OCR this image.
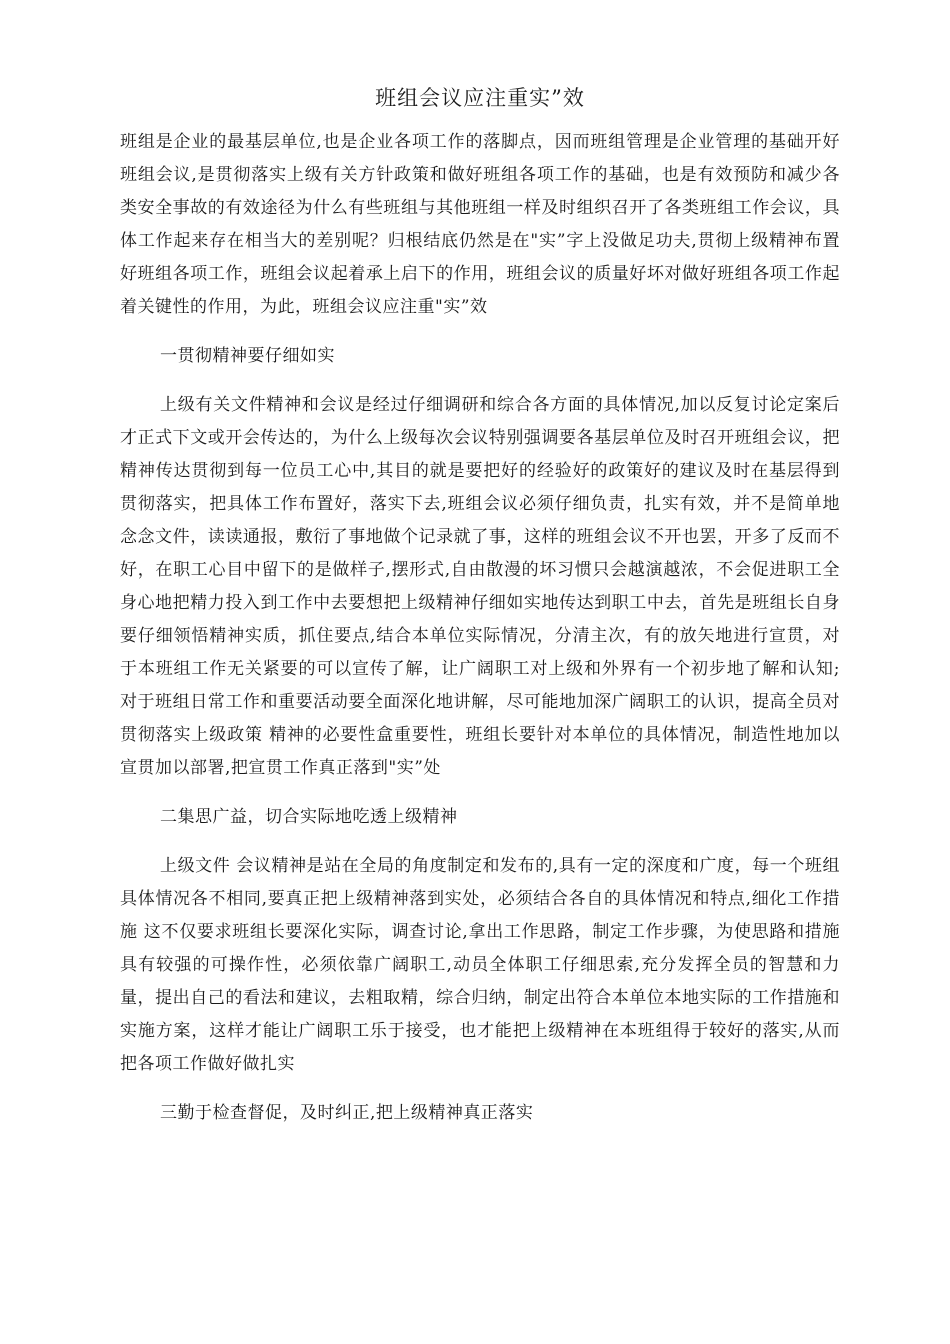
班组会议应注重实”效

班组是企业的最基层单位,也是企业各项工作的落脚点，因而班组管理是企业管理的基础开好班组会议,是贯彻落实上级有关方针政策和做好班组各项工作的基础，也是有效预防和减少各类安全事故的有效途径为什么有些班组与其他班组一样及时组织召开了各类班组工作会议，具体工作起来存在相当大的差别呢？归根结底仍然是在"实”字上没做足功夫,贯彻上级精神布置好班组各项工作，班组会议起着承上启下的作用，班组会议的质量好坏对做好班组各项工作起着关键性的作用，为此，班组会议应注重"实”效

一贯彻精神要仔细如实

上级有关文件精神和会议是经过仔细调研和综合各方面的具体情况,加以反复讨论定案后才正式下文或开会传达的，为什么上级每次会议特别强调要各基层单位及时召开班组会议，把精神传达贯彻到每一位员工心中,其目的就是要把好的经验好的政策好的建议及时在基层得到贯彻落实，把具体工作布置好，落实下去,班组会议必须仔细负责，扎实有效，并不是简单地念念文件，读读通报，敷衍了事地做个记录就了事，这样的班组会议不开也罢，开多了反而不好，在职工心目中留下的是做样子,摆形式,自由散漫的坏习惯只会越演越浓，不会促进职工全身心地把精力投入到工作中去要想把上级精神仔细如实地传达到职工中去，首先是班组长自身要仔细领悟精神实质，抓住要点,结合本单位实际情况，分清主次，有的放矢地进行宣贯，对于本班组工作无关紧要的可以宣传了解，让广阔职工对上级和外界有一个初步地了解和认知;对于班组日常工作和重要活动要全面深化地讲解，尽可能地加深广阔职工的认识，提高全员对贯彻落实上级政策 精神的必要性盒重要性，班组长要针对本单位的具体情况，制造性地加以宣贯加以部署,把宣贯工作真正落到"实”处

二集思广益，切合实际地吃透上级精神

上级文件 会议精神是站在全局的角度制定和发布的,具有一定的深度和广度，每一个班组具体情况各不相同,要真正把上级精神落到实处，必须结合各自的具体情况和特点,细化工作措施 这不仅要求班组长要深化实际，调查讨论,拿出工作思路，制定工作步骤，为使思路和措施具有较强的可操作性，必须依靠广阔职工,动员全体职工仔细思索,充分发挥全员的智慧和力量，提出自己的看法和建议，去粗取精，综合归纳，制定出符合本单位本地实际的工作措施和实施方案，这样才能让广阔职工乐于接受，也才能把上级精神在本班组得于较好的落实,从而把各项工作做好做扎实

三勤于检查督促，及时纠正,把上级精神真正落实
